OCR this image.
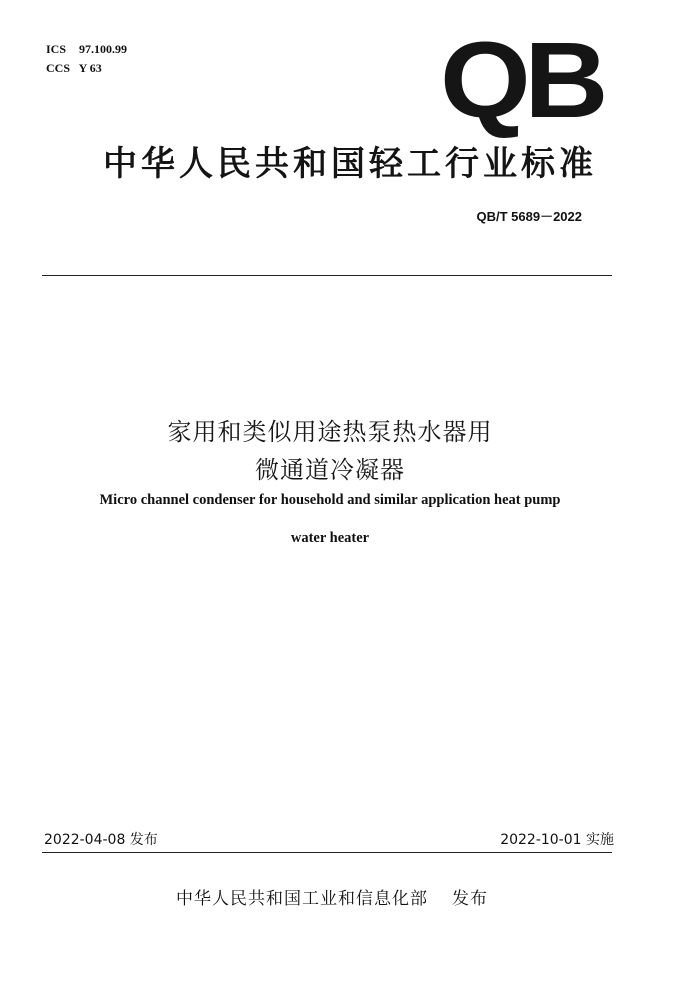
ICS 97.100.99
CCS Y 63	QB
中华人民共和国轻工行业标准
QB/T 5689－2022
家用和类似用途热泵热水器用
微通道冷凝器
Micro channel condenser for household and similar application heat pump
water heater
2022-04-08 发布	2022-10-01 实施
中华人民共和国工业和信息化部 发布
